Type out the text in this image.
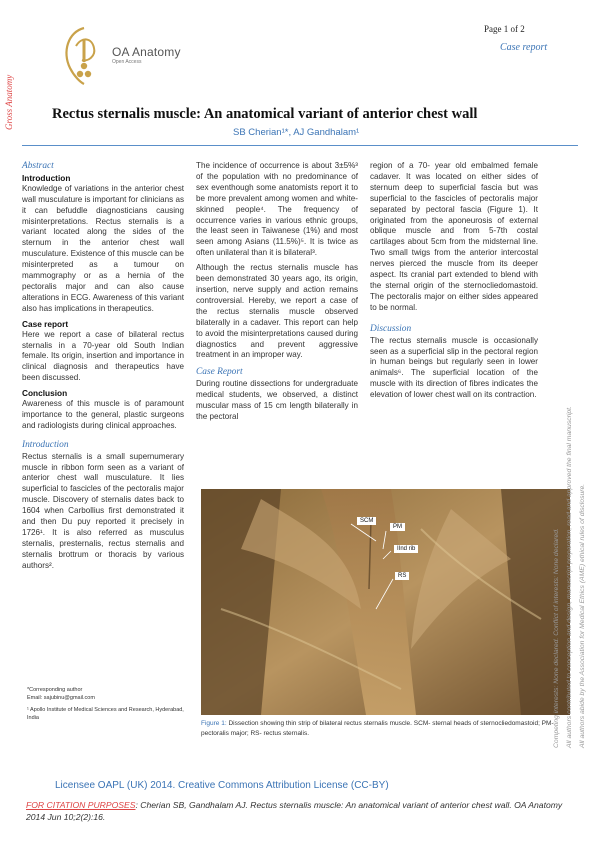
OA Anatomy
Open Access
Page 1 of 2
Case report
Gross Anatomy	Rectus sternalis muscle: An anatomical variant of anterior chest wall
SB Cherian¹*, AJ Gandhalam¹
Abstract
Introduction

Knowledge of variations in the anterior chest wall musculature is important for clinicians as it can befuddle diagnosticians causing misinterpretations. Rectus sternalis is a variant located along the sides of the sternum in the anterior chest wall musculature. Existence of this muscle can be misinterpreted as a tumour on mammography or as a hernia of the pectoralis major and can also cause alterations in ECG. Awareness of this variant also has implications in therapeutics.

Case report

Here we report a case of bilateral rectus sternalis in a 70-year old South Indian female. Its origin, insertion and importance in clinical diagnosis and therapeutics have been discussed.

Conclusion

Awareness of this muscle is of paramount importance to the general, plastic surgeons and radiologists during clinical approaches.

Introduction

Rectus sternalis is a small supernumerary muscle in ribbon form seen as a variant of anterior chest wall musculature. It lies superficial to fascicles of the pectoralis major muscle. Discovery of sternalis dates back to 1604 when Carbollius first demonstrated it and then Du puy reported it precisely in 1726¹. It is also referred as musculus sternalis, presternalis, rectus sternalis and sternalis brottrum or thoracis by various authors².

*Corresponding author
Email: sajubinu@gmail.com
¹ Apollo Institute of Medical Sciences and Research, Hyderabad, India

The incidence of occurrence is about 3±5%³ of the population with no predominance of sex eventhough some anatomists report it to be more prevalent among women and white-skinned people⁴. The frequency of occurrence varies in various ethnic groups, the least seen in Taiwanese (1%) and most seen among Asians (11.5%)⁵. It is twice as often unilateral than it is bilateral³.

Although the rectus sternalis muscle has been demonstrated 30 years ago, its origin, insertion, nerve supply and action remains controversial. Hereby, we report a case of the rectus sternalis muscle observed bilaterally in a cadaver. This report can help to avoid the misinterpretations caused during diagnostics and prevent aggressive treatment in an improper way.

Case Report

During routine dissections for undergraduate medical students, we observed, a distinct muscular mass of 15 cm length bilaterally in the pectoral

region of a 70- year old embalmed female cadaver. It was located on either sides of sternum deep to superficial fascia but was superficial to the fascicles of pectoralis major separated by pectoral fascia (Figure 1). It originated from the aponeurosis of external oblique muscle and from 5-7th costal cartilages about 5cm from the midsternal line. Two small twigs from the anterior intercostal nerves pierced the muscle from its deeper aspect. Its cranial part extended to blend with the sternal origin of the sternocliedomastoid. The pectoralis major on either sides appeared to be normal.

Discussion

The rectus sternalis muscle is occasionally seen as a superficial slip in the pectoral region in human beings but regularly seen in lower animals⁶. The superficial location of the muscle with its direction of fibres indicates the elevation of lower chest wall on its contraction.

SCM
PM
IInd rib
RS
Figure 1: Dissection showing thin strip of bilateral rectus sternalis muscle. SCM- sternal heads of sternocliedomastoid; PM- pectoralis major; RS- rectus sternalis.	Competing interests: None declared. Conflict of interests: None declared. All authors contributed to conception and design, manuscript preparation, read and approved the final manuscript. All authors abide by the Association for Medical Ethics (AME) ethical rules of disclosure.
Licensee OAPL (UK) 2014. Creative Commons Attribution License (CC-BY)
FOR CITATION PURPOSES: Cherian SB, Gandhalam AJ. Rectus sternalis muscle: An anatomical variant of anterior chest wall. OA Anatomy 2014 Jun 10;2(2):16.
